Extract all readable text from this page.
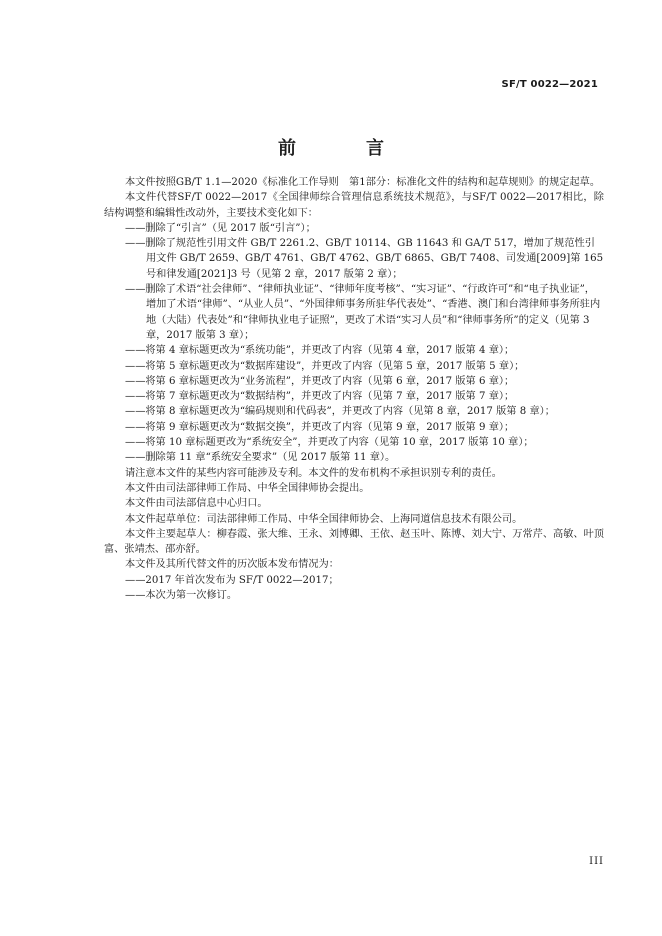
SF/T 0022—2021
前　言

本文件按照GB/T 1.1—2020《标准化工作导则　第1部分：标准化文件的结构和起草规则》的规定起草。

本文件代替SF/T 0022—2017《全国律师综合管理信息系统技术规范》，与SF/T 0022—2017相比，除结构调整和编辑性改动外，主要技术变化如下：

——删除了“引言”（见 2017 版“引言”）；

——删除了规范性引用文件 GB/T 2261.2、GB/T 10114、GB 11643 和 GA/T 517，增加了规范性引用文件 GB/T 2659、GB/T 4761、GB/T 4762、GB/T 6865、GB/T 7408、司发通[2009]第 165 号和律发通[2021]3 号（见第 2 章，2017 版第 2 章）；

——删除了术语“社会律师”、“律师执业证”、“律师年度考核”、“实习证”、“行政许可”和“电子执业证”，增加了术语“律师”、“从业人员”、“外国律师事务所驻华代表处”、“香港、澳门和台湾律师事务所驻内地（大陆）代表处”和“律师执业电子证照”，更改了术语“实习人员”和“律师事务所”的定义（见第 3 章，2017 版第 3 章）；

——将第 4 章标题更改为“系统功能”，并更改了内容（见第 4 章，2017 版第 4 章）；

——将第 5 章标题更改为“数据库建设”，并更改了内容（见第 5 章，2017 版第 5 章）；

——将第 6 章标题更改为“业务流程”，并更改了内容（见第 6 章，2017 版第 6 章）；

——将第 7 章标题更改为“数据结构”，并更改了内容（见第 7 章，2017 版第 7 章）；

——将第 8 章标题更改为“编码规则和代码表”，并更改了内容（见第 8 章，2017 版第 8 章）；

——将第 9 章标题更改为“数据交换”，并更改了内容（见第 9 章，2017 版第 9 章）；

——将第 10 章标题更改为“系统安全”，并更改了内容（见第 10 章，2017 版第 10 章）；

——删除第 11 章“系统安全要求”（见 2017 版第 11 章）。

请注意本文件的某些内容可能涉及专利。本文件的发布机构不承担识别专利的责任。

本文件由司法部律师工作局、中华全国律师协会提出。

本文件由司法部信息中心归口。

本文件起草单位：司法部律师工作局、中华全国律师协会、上海同道信息技术有限公司。

本文件主要起草人：柳春霞、张大维、王永、刘博卿、王依、赵玉叶、陈博、刘大宁、万常芹、高敏、叶顶富、张靖杰、邵亦舒。

本文件及其所代替文件的历次版本发布情况为：

——2017 年首次发布为 SF/T 0022—2017；

——本次为第一次修订。

III
